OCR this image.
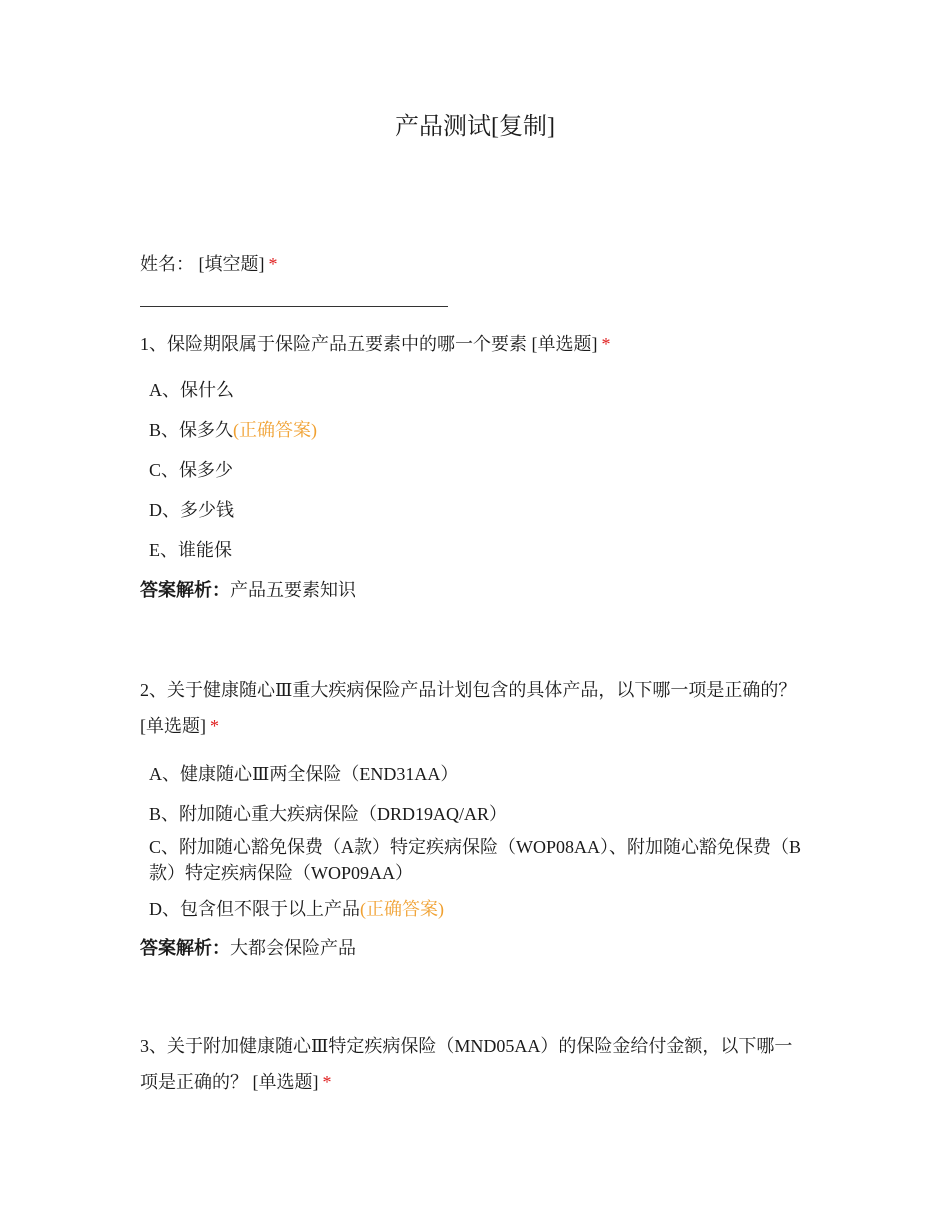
产品测试[复制]
姓名： [填空题] *

1、保险期限属于保险产品五要素中的哪一个要素 [单选题] *

A、保什么
B、保多久(正确答案)
C、保多少
D、多少钱
E、谁能保
答案解析：产品五要素知识

2、关于健康随心Ⅲ重大疾病保险产品计划包含的具体产品，以下哪一项是正确的？ [单选题] *

A、健康随心Ⅲ两全保险（END31AA）
B、附加随心重大疾病保险（DRD19AQ/AR）
C、附加随心豁免保费（A款）特定疾病保险（WOP08AA）、附加随心豁免保费（B款）特定疾病保险（WOP09AA）
D、包含但不限于以上产品(正确答案)
答案解析：大都会保险产品

3、关于附加健康随心Ⅲ特定疾病保险（MND05AA）的保险金给付金额，以下哪一项是正确的？ [单选题] *
